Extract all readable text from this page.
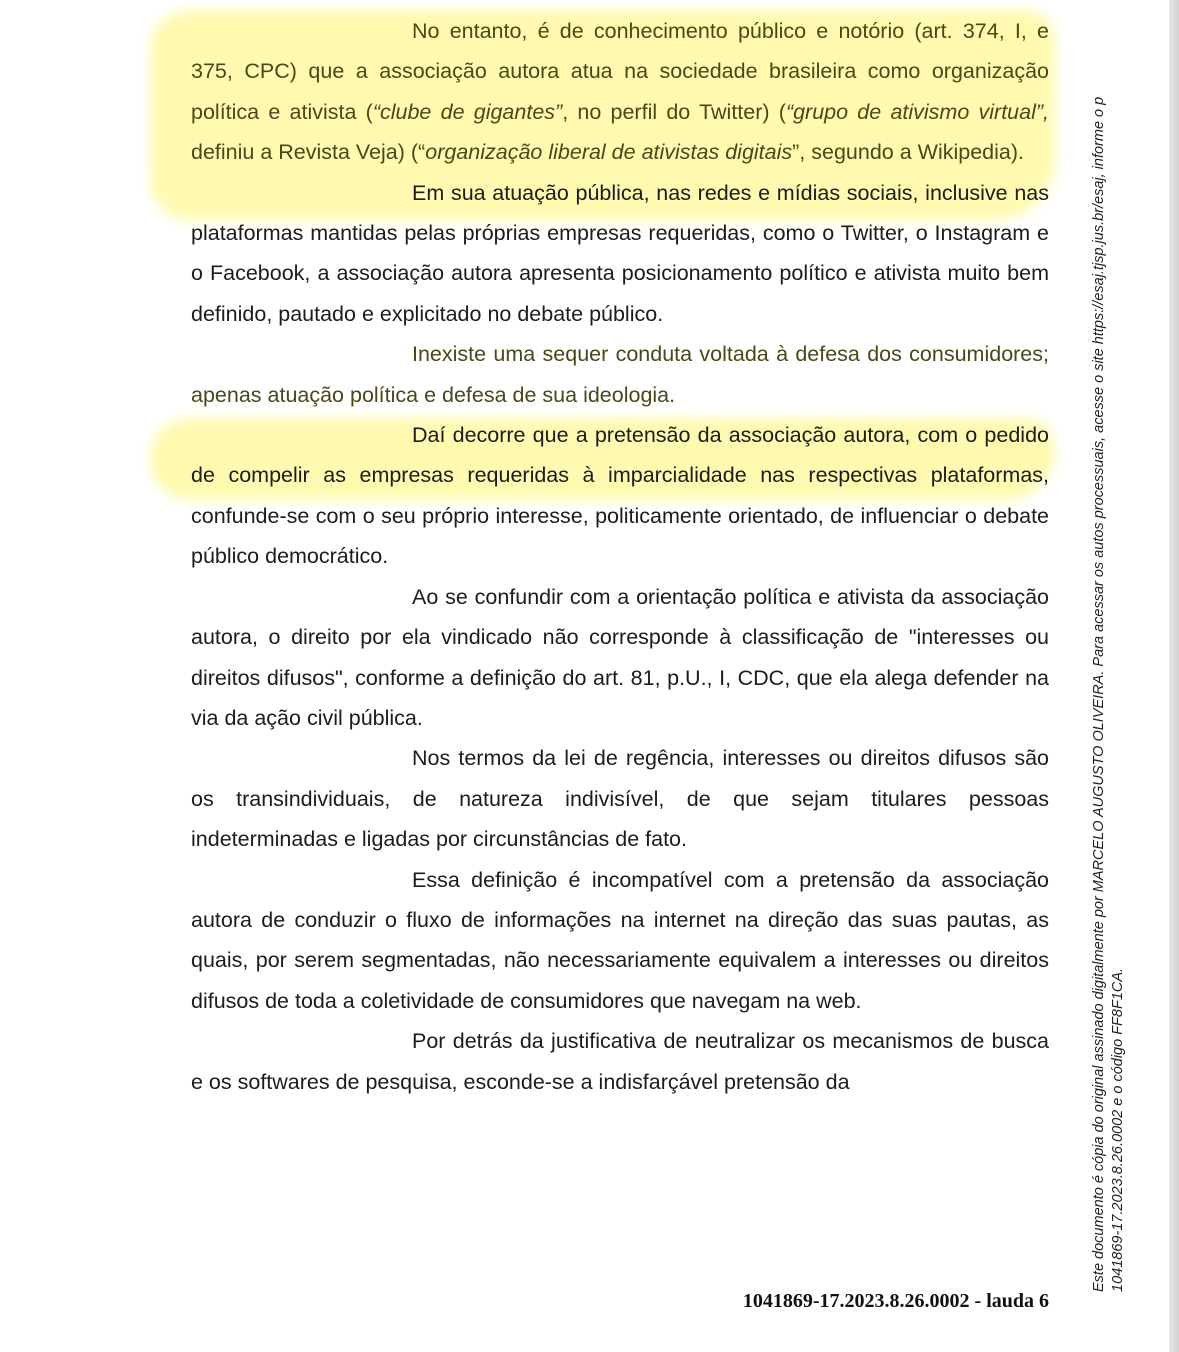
No entanto, é de conhecimento público e notório (art. 374, I, e 375, CPC) que a associação autora atua na sociedade brasileira como organização política e ativista (“clube de gigantes”, no perfil do Twitter) (“grupo de ativismo virtual”, definiu a Revista Veja) (“organização liberal de ativistas digitais”, segundo a Wikipedia).

Em sua atuação pública, nas redes e mídias sociais, inclusive nas plataformas mantidas pelas próprias empresas requeridas, como o Twitter, o Instagram e o Facebook, a associação autora apresenta posicionamento político e ativista muito bem definido, pautado e explicitado no debate público.

Inexiste uma sequer conduta voltada à defesa dos consumidores; apenas atuação política e defesa de sua ideologia.

Daí decorre que a pretensão da associação autora, com o pedido de compelir as empresas requeridas à imparcialidade nas respectivas plataformas, confunde-se com o seu próprio interesse, politicamente orientado, de influenciar o debate público democrático.

Ao se confundir com a orientação política e ativista da associação autora, o direito por ela vindicado não corresponde à classificação de "interesses ou direitos difusos", conforme a definição do art. 81, p.U., I, CDC, que ela alega defender na via da ação civil pública.

Nos termos da lei de regência, interesses ou direitos difusos são os transindividuais, de natureza indivisível, de que sejam titulares pessoas indeterminadas e ligadas por circunstâncias de fato.

Essa definição é incompatível com a pretensão da associação autora de conduzir o fluxo de informações na internet na direção das suas pautas, as quais, por serem segmentadas, não necessariamente equivalem a interesses ou direitos difusos de toda a coletividade de consumidores que navegam na web.

Por detrás da justificativa de neutralizar os mecanismos de busca e os softwares de pesquisa, esconde-se a indisfarçável pretensão da

1041869-17.2023.8.26.0002 - lauda 6
Este documento é cópia do original assinado digitalmente por MARCELO AUGUSTO OLIVEIRA. Para acessar os autos processuais, acesse o site https://esaj.tjsp.jus.br/esaj, informe o p 1041869-17.2023.8.26.0002 e o código FF8F1CA.
